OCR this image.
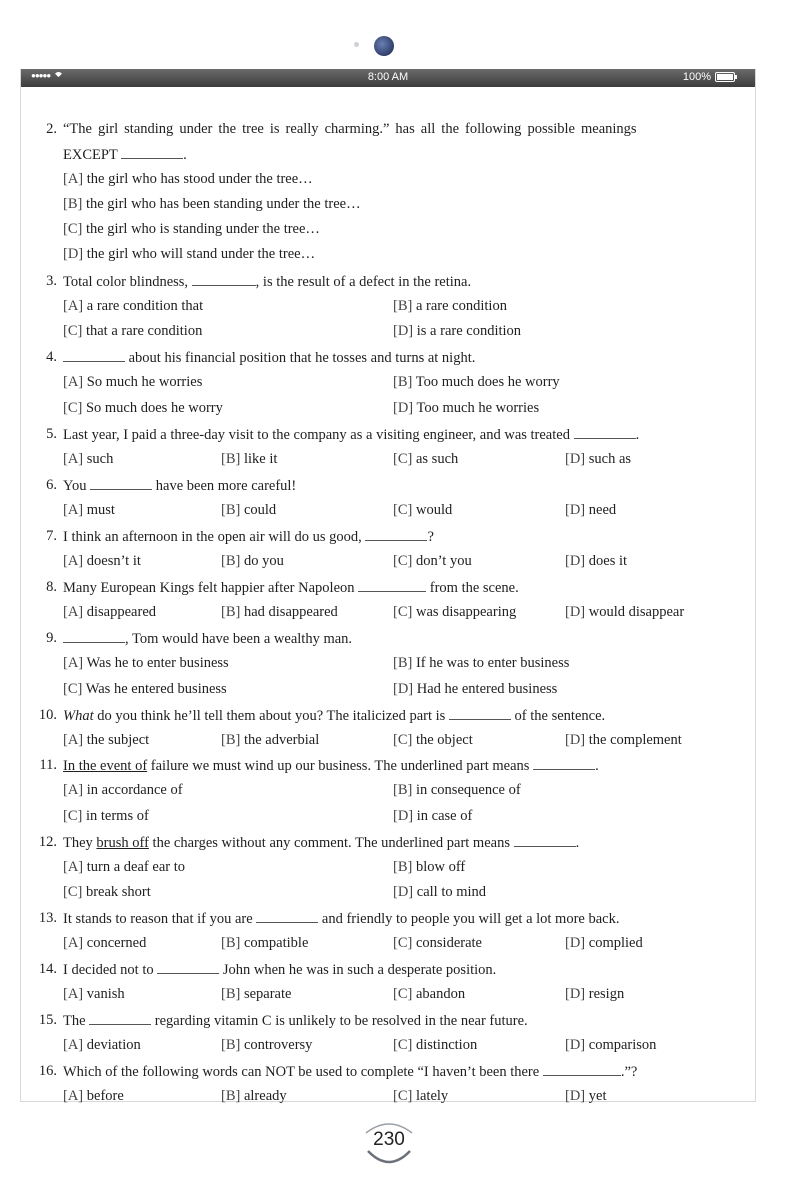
●●●●●	8:00 AM	100%
2. “The girl standing under the tree is really charming.” has all the following possible meanings
EXCEPT	.
[A] the girl who has stood under the tree…
[B] the girl who has been standing under the tree…
[C] the girl who is standing under the tree…
[D] the girl who will stand under the tree…
3. Total color blindness,	, is the result of a defect in the retina.
[A] a rare condition that	[B] a rare condition
[C] that a rare condition	[D] is a rare condition
4.	about his financial position that he tosses and turns at night.
[A] So much he worries	[B] Too much does he worry
[C] So much does he worry	[D] Too much he worries
5. Last year, I paid a three-day visit to the company as a visiting engineer, and was treated	.
[A] such	[B] like it	[C] as such	[D] such as
6. You	have been more careful!
[A] must	[B] could	[C] would	[D] need
7. I think an afternoon in the open air will do us good,	?
[A] doesn’t it	[B] do you	[C] don’t you	[D] does it
8. Many European Kings felt happier after Napoleon	from the scene.
[A] disappeared	[B] had disappeared	[C] was disappearing	[D] would disappear
9.	, Tom would have been a wealthy man.
[A] Was he to enter business	[B] If he was to enter business
[C] Was he entered business	[D] Had he entered business
10. What do you think he’ll tell them about you? The italicized part is	of the sentence.
[A] the subject	[B] the adverbial	[C] the object	[D] the complement
11. In the event of failure we must wind up our business. The underlined part means	.
[A] in accordance of	[B] in consequence of
[C] in terms of	[D] in case of
12. They brush off the charges without any comment. The underlined part means	.
[A] turn a deaf ear to	[B] blow off
[C] break short	[D] call to mind
13. It stands to reason that if you are	and friendly to people you will get a lot more back.
[A] concerned	[B] compatible	[C] considerate	[D] complied
14. I decided not to	John when he was in such a desperate position.
[A] vanish	[B] separate	[C] abandon	[D] resign
15. The	regarding vitamin C is unlikely to be resolved in the near future.
[A] deviation	[B] controversy	[C] distinction	[D] comparison
16. Which of the following words can NOT be used to complete “I haven’t been there	.”?
[A] before	[B] already	[C] lately	[D] yet
230
